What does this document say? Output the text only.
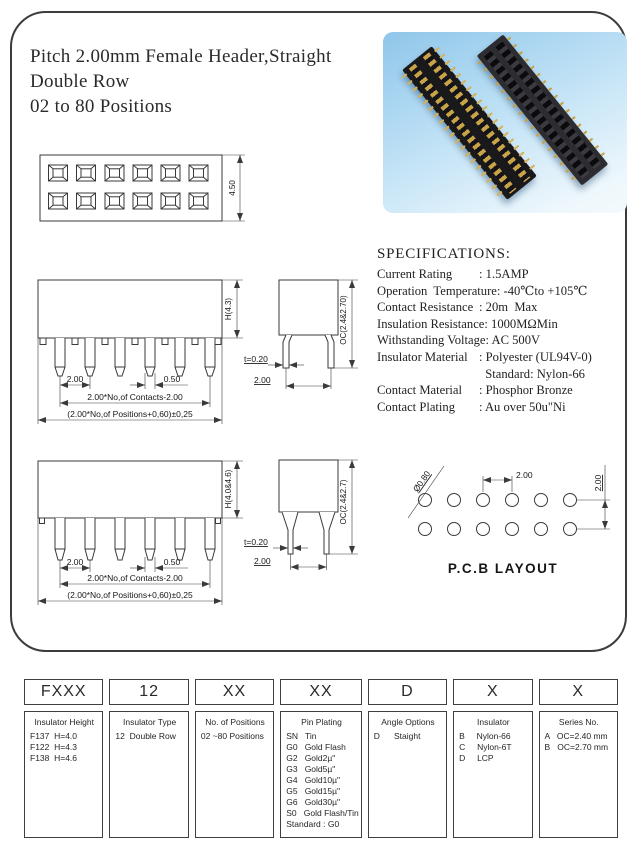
Pitch 2.00mm Female Header,Straight Double Row
02 to 80 Positions
4.50
H(4.3)
2.00	0.50
2.00*No,of Contacts-2.00
(2.00*No,of Positions+0,60)±0,25
OC(2.4&2.70)
t=0.20
2.00
H(4.0&4.6)
2.00	0.50
2.00*No,of Contacts-2.00
(2.00*No,of Positions+0,60)±0,25
OC(2.4&2.7)
t=0.20
2.00
Ø0.80	2.00	2.00
P.C.B LAYOUT
SPECIFICATIONS:
Current Rating	: 1.5AMP
Operation  Temperature : -40℃to +105℃
Contact Resistance : 20m  Max
Insulation Resistance : 1000MΩMin
Withstanding Voltage : AC 500V
Insulator Material : Polyester (UL94V-0)
Standard: Nylon-66
Contact Material	: Phosphor Bronze
Contact Plating	: Au over 50u"Ni
FXXX
Insulator Height
F137  H=4.0
F122  H=4.3
F138  H=4.6
12
Insulator Type
12  Double Row
XX
No. of Positions
02 ~80 Positions
XX
Pin Plating
SN   Tin
G0   Gold Flash
G2   Gold2µ"
G3   Gold5µ"
G4   Gold10µ"
G5   Gold15µ"
G6   Gold30µ"
S0   Gold Flash/Tin
Standard : G0
D
Angle Options
D      Staight
X
Insulator
B     Nylon-66
C     Nylon-6T
D     LCP
X
Series No.
A   OC=2.40 mm
B   OC=2.70 mm
